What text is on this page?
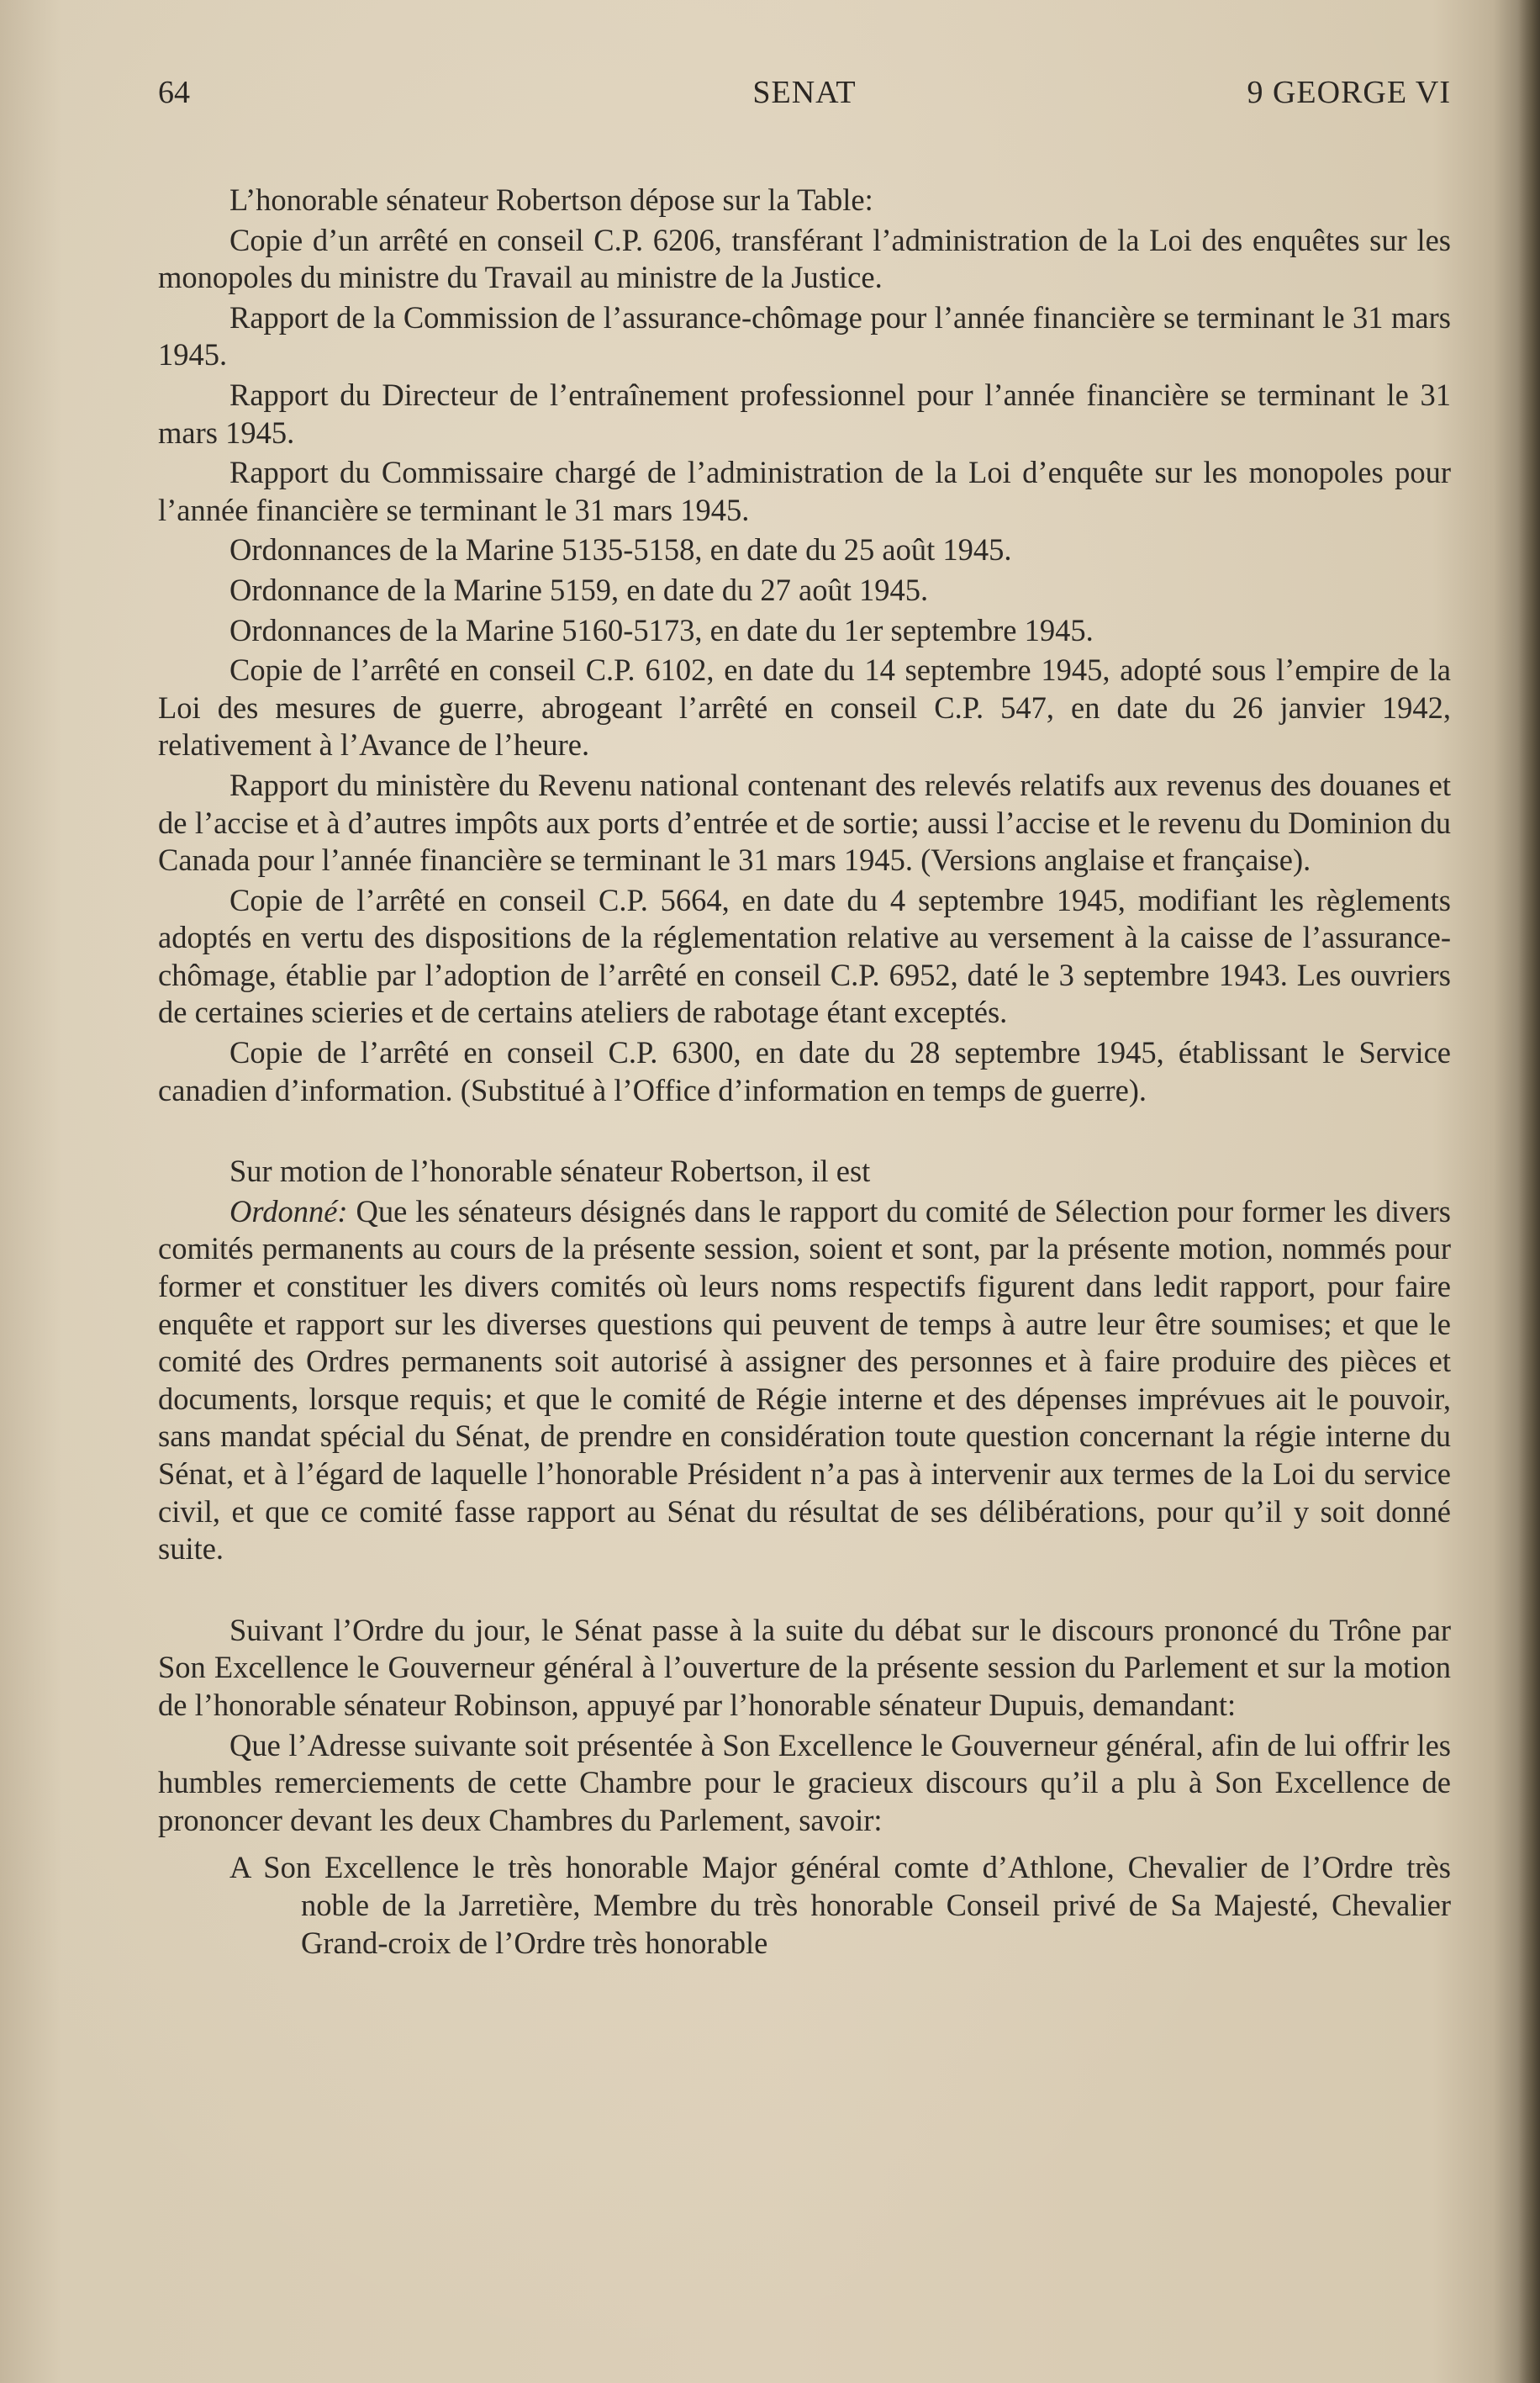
64	SENAT	9 GEORGE VI

L’honorable sénateur Robertson dépose sur la Table:

Copie d’un arrêté en conseil C.P. 6206, transférant l’administration de la Loi des enquêtes sur les monopoles du ministre du Travail au ministre de la Justice.

Rapport de la Commission de l’assurance-chômage pour l’année financière se terminant le 31 mars 1945.

Rapport du Directeur de l’entraînement professionnel pour l’année financière se terminant le 31 mars 1945.

Rapport du Commissaire chargé de l’administration de la Loi d’enquête sur les monopoles pour l’année financière se terminant le 31 mars 1945.

Ordonnances de la Marine 5135-5158, en date du 25 août 1945.

Ordonnance de la Marine 5159, en date du 27 août 1945.

Ordonnances de la Marine 5160-5173, en date du 1er septembre 1945.

Copie de l’arrêté en conseil C.P. 6102, en date du 14 septembre 1945, adopté sous l’empire de la Loi des mesures de guerre, abrogeant l’arrêté en conseil C.P. 547, en date du 26 janvier 1942, relativement à l’Avance de l’heure.

Rapport du ministère du Revenu national contenant des relevés relatifs aux revenus des douanes et de l’accise et à d’autres impôts aux ports d’entrée et de sortie; aussi l’accise et le revenu du Dominion du Canada pour l’année financière se terminant le 31 mars 1945. (Versions anglaise et française).

Copie de l’arrêté en conseil C.P. 5664, en date du 4 septembre 1945, modifiant les règlements adoptés en vertu des dispositions de la réglementation relative au versement à la caisse de l’assurance-chômage, établie par l’adoption de l’arrêté en conseil C.P. 6952, daté le 3 septembre 1943. Les ouvriers de certaines scieries et de certains ateliers de rabotage étant exceptés.

Copie de l’arrêté en conseil C.P. 6300, en date du 28 septembre 1945, établissant le Service canadien d’information. (Substitué à l’Office d’information en temps de guerre).

Sur motion de l’honorable sénateur Robertson, il est

Ordonné: Que les sénateurs désignés dans le rapport du comité de Sélection pour former les divers comités permanents au cours de la présente session, soient et sont, par la présente motion, nommés pour former et constituer les divers comités où leurs noms respectifs figurent dans ledit rapport, pour faire enquête et rapport sur les diverses questions qui peuvent de temps à autre leur être soumises; et que le comité des Ordres permanents soit autorisé à assigner des personnes et à faire produire des pièces et documents, lorsque requis; et que le comité de Régie interne et des dépenses imprévues ait le pouvoir, sans mandat spécial du Sénat, de prendre en considération toute question concernant la régie interne du Sénat, et à l’égard de laquelle l’honorable Président n’a pas à intervenir aux termes de la Loi du service civil, et que ce comité fasse rapport au Sénat du résultat de ses délibérations, pour qu’il y soit donné suite.

Suivant l’Ordre du jour, le Sénat passe à la suite du débat sur le discours prononcé du Trône par Son Excellence le Gouverneur général à l’ouverture de la présente session du Parlement et sur la motion de l’honorable sénateur Robinson, appuyé par l’honorable sénateur Dupuis, demandant:

Que l’Adresse suivante soit présentée à Son Excellence le Gouverneur général, afin de lui offrir les humbles remerciements de cette Chambre pour le gracieux discours qu’il a plu à Son Excellence de prononcer devant les deux Chambres du Parlement, savoir:

A Son Excellence le très honorable Major général comte d’Athlone, Chevalier de l’Ordre très noble de la Jarretière, Membre du très honorable Conseil privé de Sa Majesté, Chevalier Grand-croix de l’Ordre très honorable
